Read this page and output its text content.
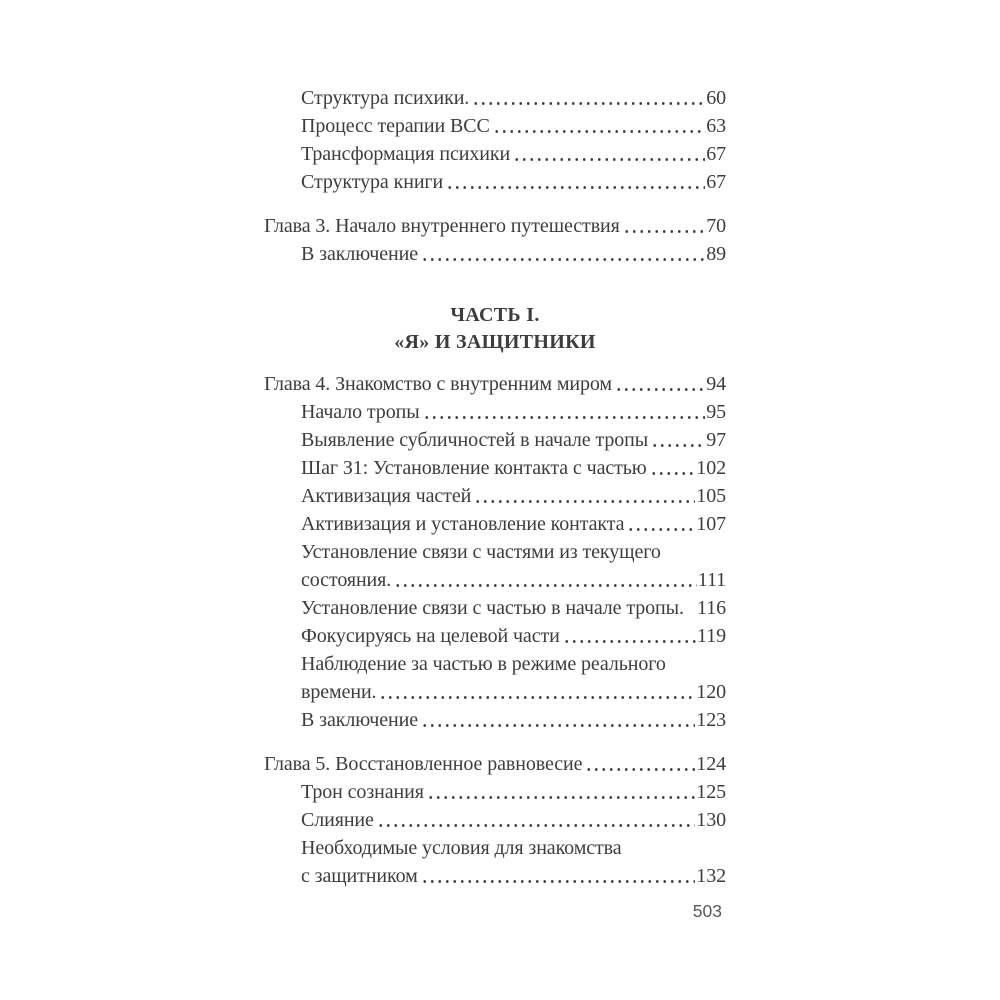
Структура психики.	60
Процесс терапии ВСС	63
Трансформация психики	67
Структура книги	67
Глава 3. Начало внутреннего путешествия	70
В заключение	89
ЧАСТЬ I.
«Я» И ЗАЩИТНИКИ
Глава 4. Знакомство с внутренним миром	94
Начало тропы	95
Выявление субличностей в начале тропы	97
Шаг З1: Установление контакта с частью 102
Активизация частей	105
Активизация и установление контакта	107
Установление связи с частями из текущего
состояния.	111
Установление связи с частью в начале тропы. 116
Фокусируясь на целевой части	119
Наблюдение за частью в режиме реального
времени.	120
В заключение	123
Глава 5. Восстановленное равновесие	124
Трон сознания	125
Слияние	130
Необходимые условия для знакомства
с защитником	132
503
